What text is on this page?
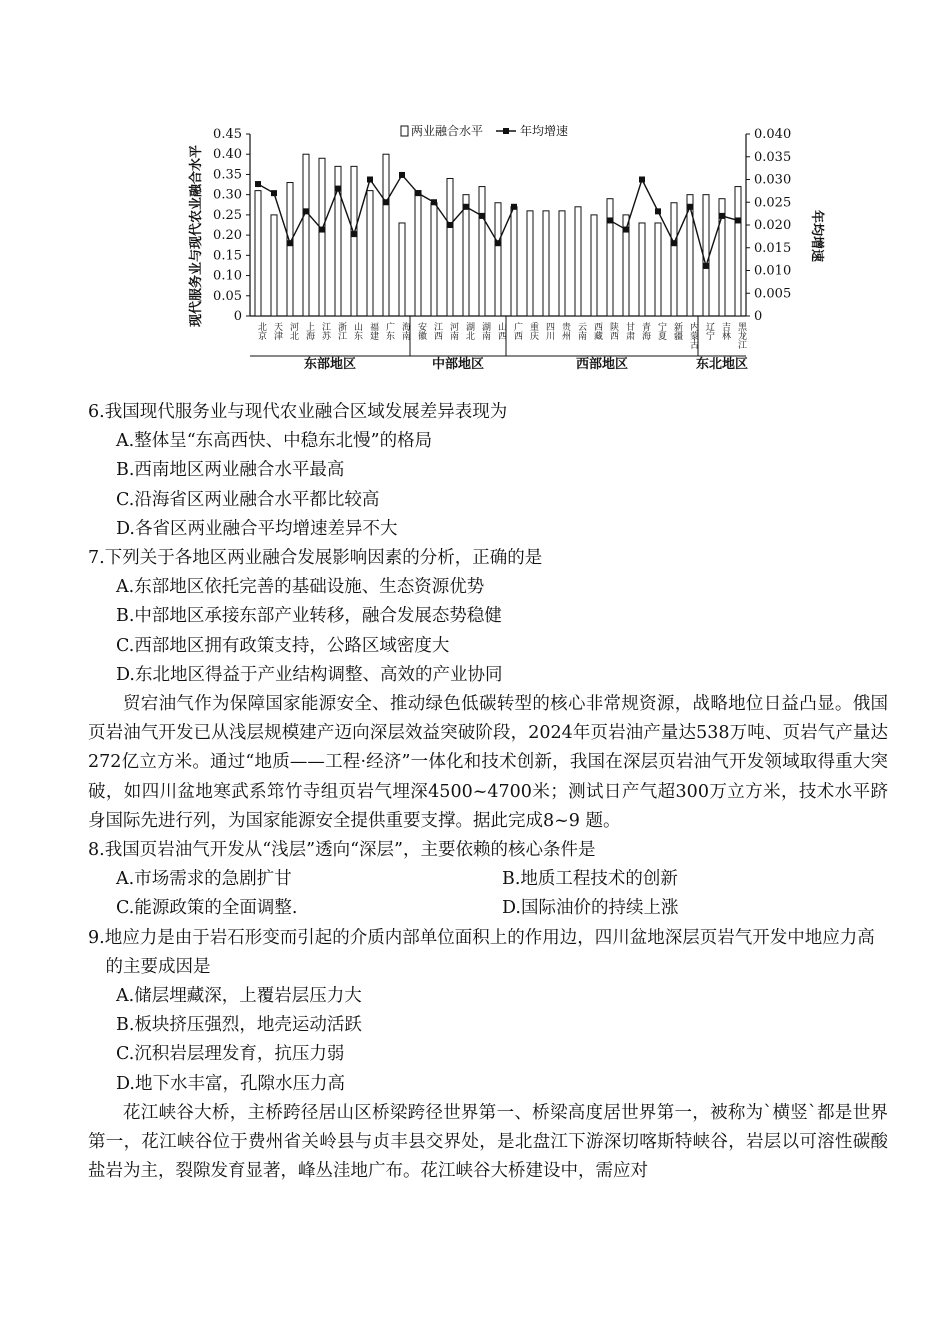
两业融合水平	年均增速
现代服务业与现代农业融合水平	年均增速
0.45
0.40
0.35
0.30
0.25
0.20
0.15
0.10
0.05
0
0.040
0.035
0.030
0.025
0.020
0.015
0.010
0.005
0
北京 天津 河北 上海 江苏 浙江 山东 福建 广东 海南 安徽 江西 河南 湖北 湖南 山西 广西 重庆 四川 贵州 云南 西藏 陕西 甘肃 青海 宁夏 新疆 内蒙古 辽宁 吉林 黑龙江
东部地区	中部地区	西部地区	东北地区

6.我国现代服务业与现代农业融合区域发展差异表现为

A.整体呈“东高西快、中稳东北慢”的格局

B.西南地区两业融合水平最高

C.沿海省区两业融合水平都比较高

D.各省区两业融合平均增速差异不大

7.下列关于各地区两业融合发展影响因素的分析，正确的是

A.东部地区依托完善的基础设施、生态资源优势

B.中部地区承接东部产业转移，融合发展态势稳健

C.西部地区拥有政策支持，公路区域密度大

D.东北地区得益于产业结构调整、高效的产业协同

贸宕油气作为保障国家能源安全、推动绿色低碳转型的核心非常规资源，战略地位日益凸显。俄国页岩油气开发已从浅层规模建产迈向深层效益突破阶段，2024年页岩油产量达538万吨、页岩气产量达272亿立方米。通过“地质——工程·经济”一体化和技术创新，我国在深层页岩油气开发领域取得重大突破，如四川盆地寒武系筇竹寺组页岩气埋深4500~4700米；测试日产气超300万立方米，技术水平跻身国际先进行列，为国家能源安全提供重要支撑。据此完成8~9 题。

8.我国页岩油气开发从“浅层”透向“深层”，主要依赖的核心条件是

A.市场需求的急剧扩甘	B.地质工程技术的创新

C.能源政策的全面调整.	D.国际油价的持续上涨

9.地应力是由于岩石形变而引起的介质内部单位面积上的作用边，四川盆地深层页岩气开发中地应力高的主要成因是

A.储层埋藏深，上覆岩层压力大

B.板块挤压强烈，地壳运动活跃

C.沉积岩层理发育，抗压力弱

D.地下水丰富，孔隙水压力高

花江峡谷大桥，主桥跨径居山区桥梁跨径世界第一、桥梁高度居世界第一，被称为`横竖`都是世界第一，花江峡谷位于费州省关岭县与贞丰县交界处，是北盘江下游深切喀斯特峡谷，岩层以可溶性碳酸盐岩为主，裂隙发育显著，峰丛洼地广布。花江峡谷大桥建设中，需应对
